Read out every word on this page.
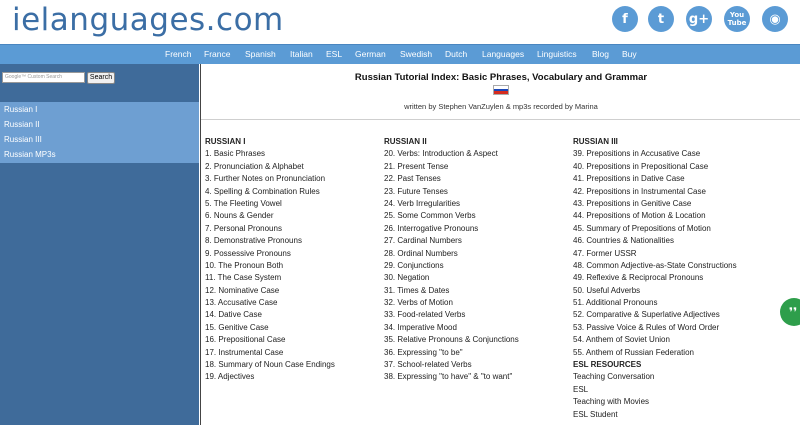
ielanguages.com	f	t	g+	You Tube	◉
French France Spanish Italian ESL German Swedish Dutch Languages Linguistics Blog Buy
Google™ Custom Search	Search
Russian I
Russian II
Russian III
Russian MP3s
Russian Tutorial Index: Basic Phrases, Vocabulary and Grammar
written by Stephen VanZuylen & mp3s recorded by Marina
RUSSIAN I
1. Basic Phrases
2. Pronunciation & Alphabet
3. Further Notes on Pronunciation
4. Spelling & Combination Rules
5. The Fleeting Vowel
6. Nouns & Gender
7. Personal Pronouns
8. Demonstrative Pronouns
9. Possessive Pronouns
10. The Pronoun Both
11. The Case System
12. Nominative Case
13. Accusative Case
14. Dative Case
15. Genitive Case
16. Prepositional Case
17. Instrumental Case
18. Summary of Noun Case Endings
19. Adjectives
RUSSIAN II
20. Verbs: Introduction & Aspect
21. Present Tense
22. Past Tenses
23. Future Tenses
24. Verb Irregularities
25. Some Common Verbs
26. Interrogative Pronouns
27. Cardinal Numbers
28. Ordinal Numbers
29. Conjunctions
30. Negation
31. Times & Dates
32. Verbs of Motion
33. Food-related Verbs
34. Imperative Mood
35. Relative Pronouns & Conjunctions
36. Expressing "to be"
37. School-related Verbs
38. Expressing "to have" & "to want"
RUSSIAN III
39. Prepositions in Accusative Case
40. Prepositions in Prepositional Case
41. Prepositions in Dative Case
42. Prepositions in Instrumental Case
43. Prepositions in Genitive Case
44. Prepositions of Motion & Location
45. Summary of Prepositions of Motion
46. Countries & Nationalities
47. Former USSR
48. Common Adjective-as-State Constructions
49. Reflexive & Reciprocal Pronouns
50. Useful Adverbs
51. Additional Pronouns
52. Comparative & Superlative Adjectives
53. Passive Voice & Rules of Word Order
54. Anthem of Soviet Union
55. Anthem of Russian Federation
ESL RESOURCES
Teaching Conversation
ESL
Teaching with Movies
ESL Student
❜❜
